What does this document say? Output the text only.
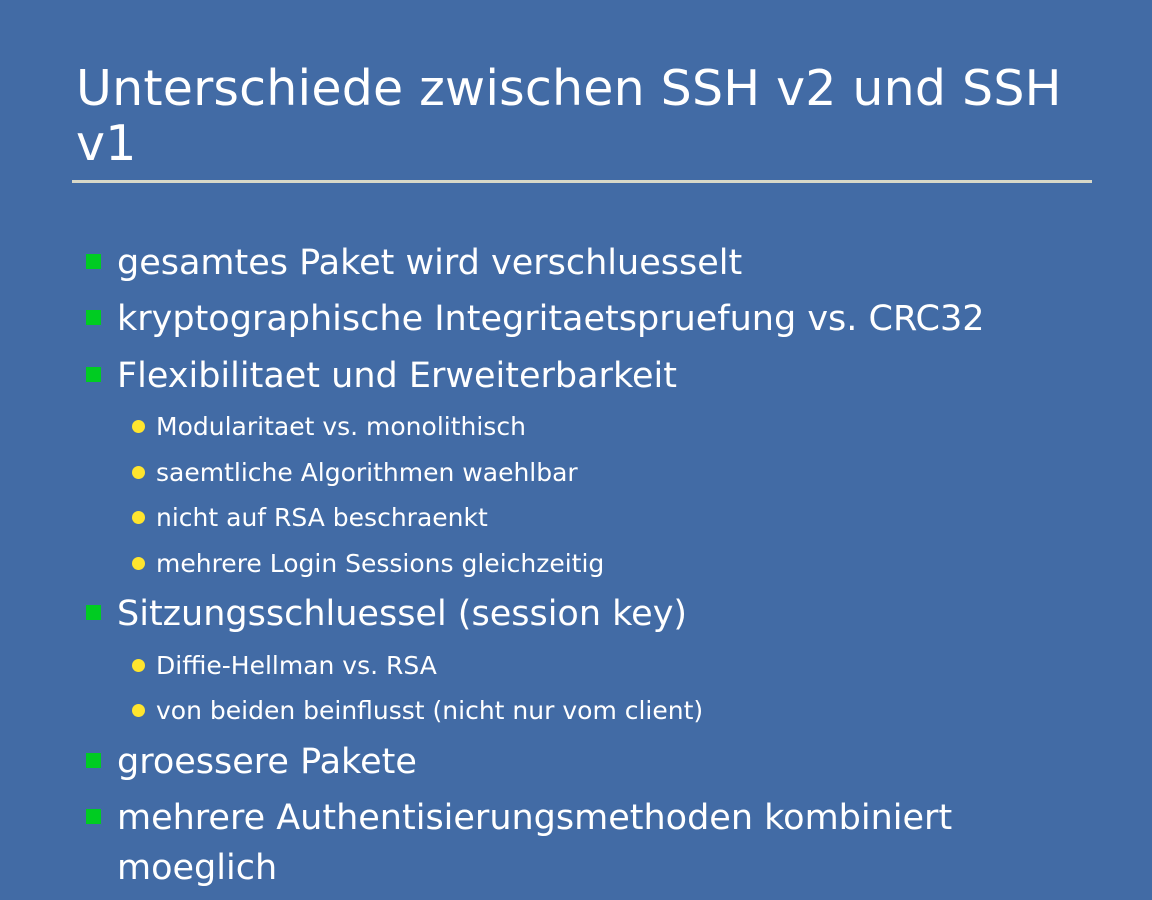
Unterschiede zwischen SSH v2 und SSH v1
gesamtes Paket wird verschluesselt
kryptographische Integritaetspruefung vs. CRC32
Flexibilitaet und Erweiterbarkeit
Modularitaet vs. monolithisch
saemtliche Algorithmen waehlbar
nicht auf RSA beschraenkt
mehrere Login Sessions gleichzeitig
Sitzungsschluessel (session key)
Diffie-Hellman vs. RSA
von beiden beinflusst (nicht nur vom client)
groessere Pakete
mehrere Authentisierungsmethoden kombiniert moeglich
